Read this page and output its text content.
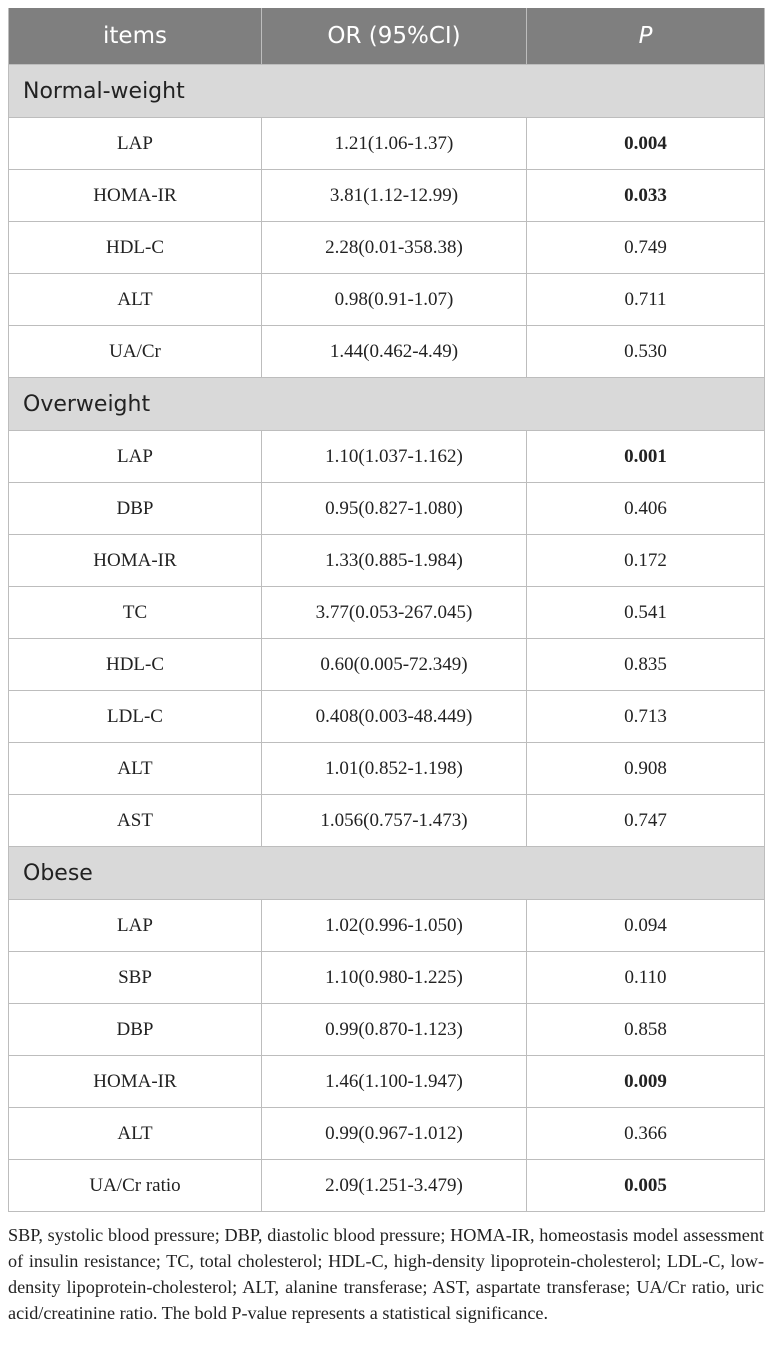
items	OR (95%CI)	P
Normal-weight		
LAP	1.21(1.06-1.37)	0.004
HOMA-IR	3.81(1.12-12.99)	0.033
HDL-C	2.28(0.01-358.38)	0.749
ALT	0.98(0.91-1.07)	0.711
UA/Cr	1.44(0.462-4.49)	0.530
Overweight		
LAP	1.10(1.037-1.162)	0.001
DBP	0.95(0.827-1.080)	0.406
HOMA-IR	1.33(0.885-1.984)	0.172
TC	3.77(0.053-267.045)	0.541
HDL-C	0.60(0.005-72.349)	0.835
LDL-C	0.408(0.003-48.449)	0.713
ALT	1.01(0.852-1.198)	0.908
AST	1.056(0.757-1.473)	0.747
Obese		
LAP	1.02(0.996-1.050)	0.094
SBP	1.10(0.980-1.225)	0.110
DBP	0.99(0.870-1.123)	0.858
HOMA-IR	1.46(1.100-1.947)	0.009
ALT	0.99(0.967-1.012)	0.366
UA/Cr ratio	2.09(1.251-3.479)	0.005

SBP, systolic blood pressure; DBP, diastolic blood pressure; HOMA-IR, homeostasis model assessment of insulin resistance; TC, total cholesterol; HDL-C, high-density lipoprotein-cholesterol; LDL-C, low-density lipoprotein-cholesterol; ALT, alanine transferase; AST, aspartate transferase; UA/Cr ratio, uric acid/creatinine ratio. The bold P-value represents a statistical significance.
